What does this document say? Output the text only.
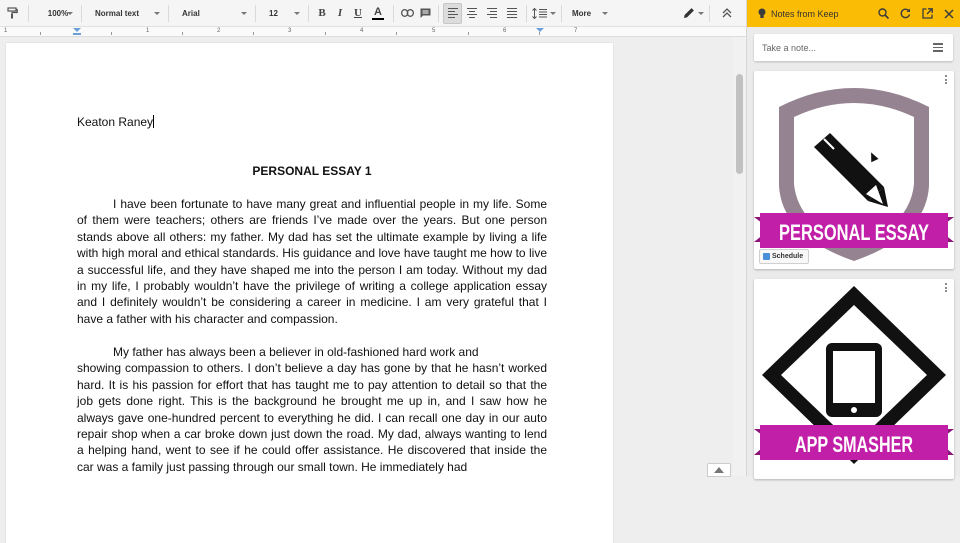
100%	Normal text	Arial	12	B	I	U	A	More
1	1	2	3	4	5	6	7
Keaton Raney
PERSONAL ESSAY 1
I have been fortunate to have many great and influential people in my life. Some of them were teachers; others are friends I’ve made over the years. But one person stands above all others: my father. My dad has set the ultimate example by living a life with high moral and ethical standards. His guidance and love have taught me how to live a successful life, and they have shaped me into the person I am today. Without my dad in my life, I probably wouldn’t have the privilege of writing a college application essay and I definitely wouldn’t be considering a career in medicine. I am very grateful that I have a father with his character and compassion.
My father has always been a believer in old-fashioned hard work and
showing compassion to others. I don’t believe a day has gone by that he hasn’t worked hard. It is his passion for effort that has taught me to pay attention to detail so that the job gets done right. This is the background he brought me up in, and I saw how he always gave one-hundred percent to everything he did. I can recall one day in our auto repair shop when a car broke down just down the road. My dad, always wanting to lend a helping hand, went to see if he could offer assistance. He discovered that inside the car was a family just passing through our small town. He immediately had
Notes from Keep
Take a note...
PERSONAL ESSAY
Schedule
APP SMASHER
